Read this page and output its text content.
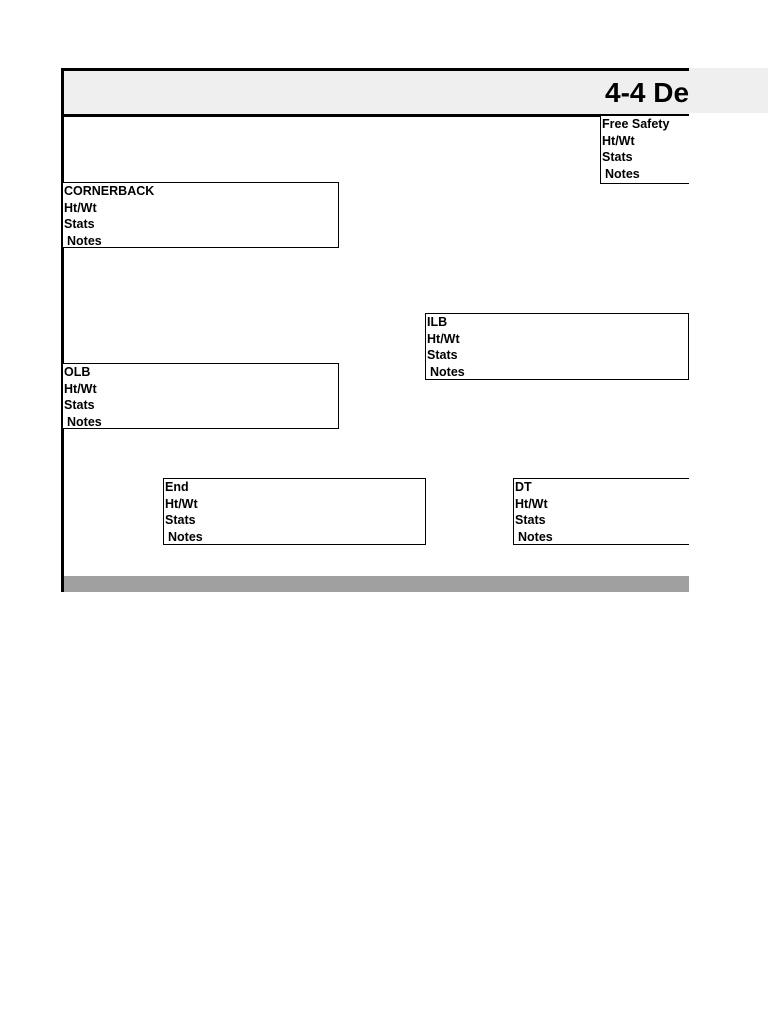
4-4 De
Free Safety
Ht/Wt
Stats
Notes
CORNERBACK
Ht/Wt
Stats
Notes
ILB
Ht/Wt
Stats
Notes
OLB
Ht/Wt
Stats
Notes
End
Ht/Wt
Stats
Notes
DT
Ht/Wt
Stats
Notes
